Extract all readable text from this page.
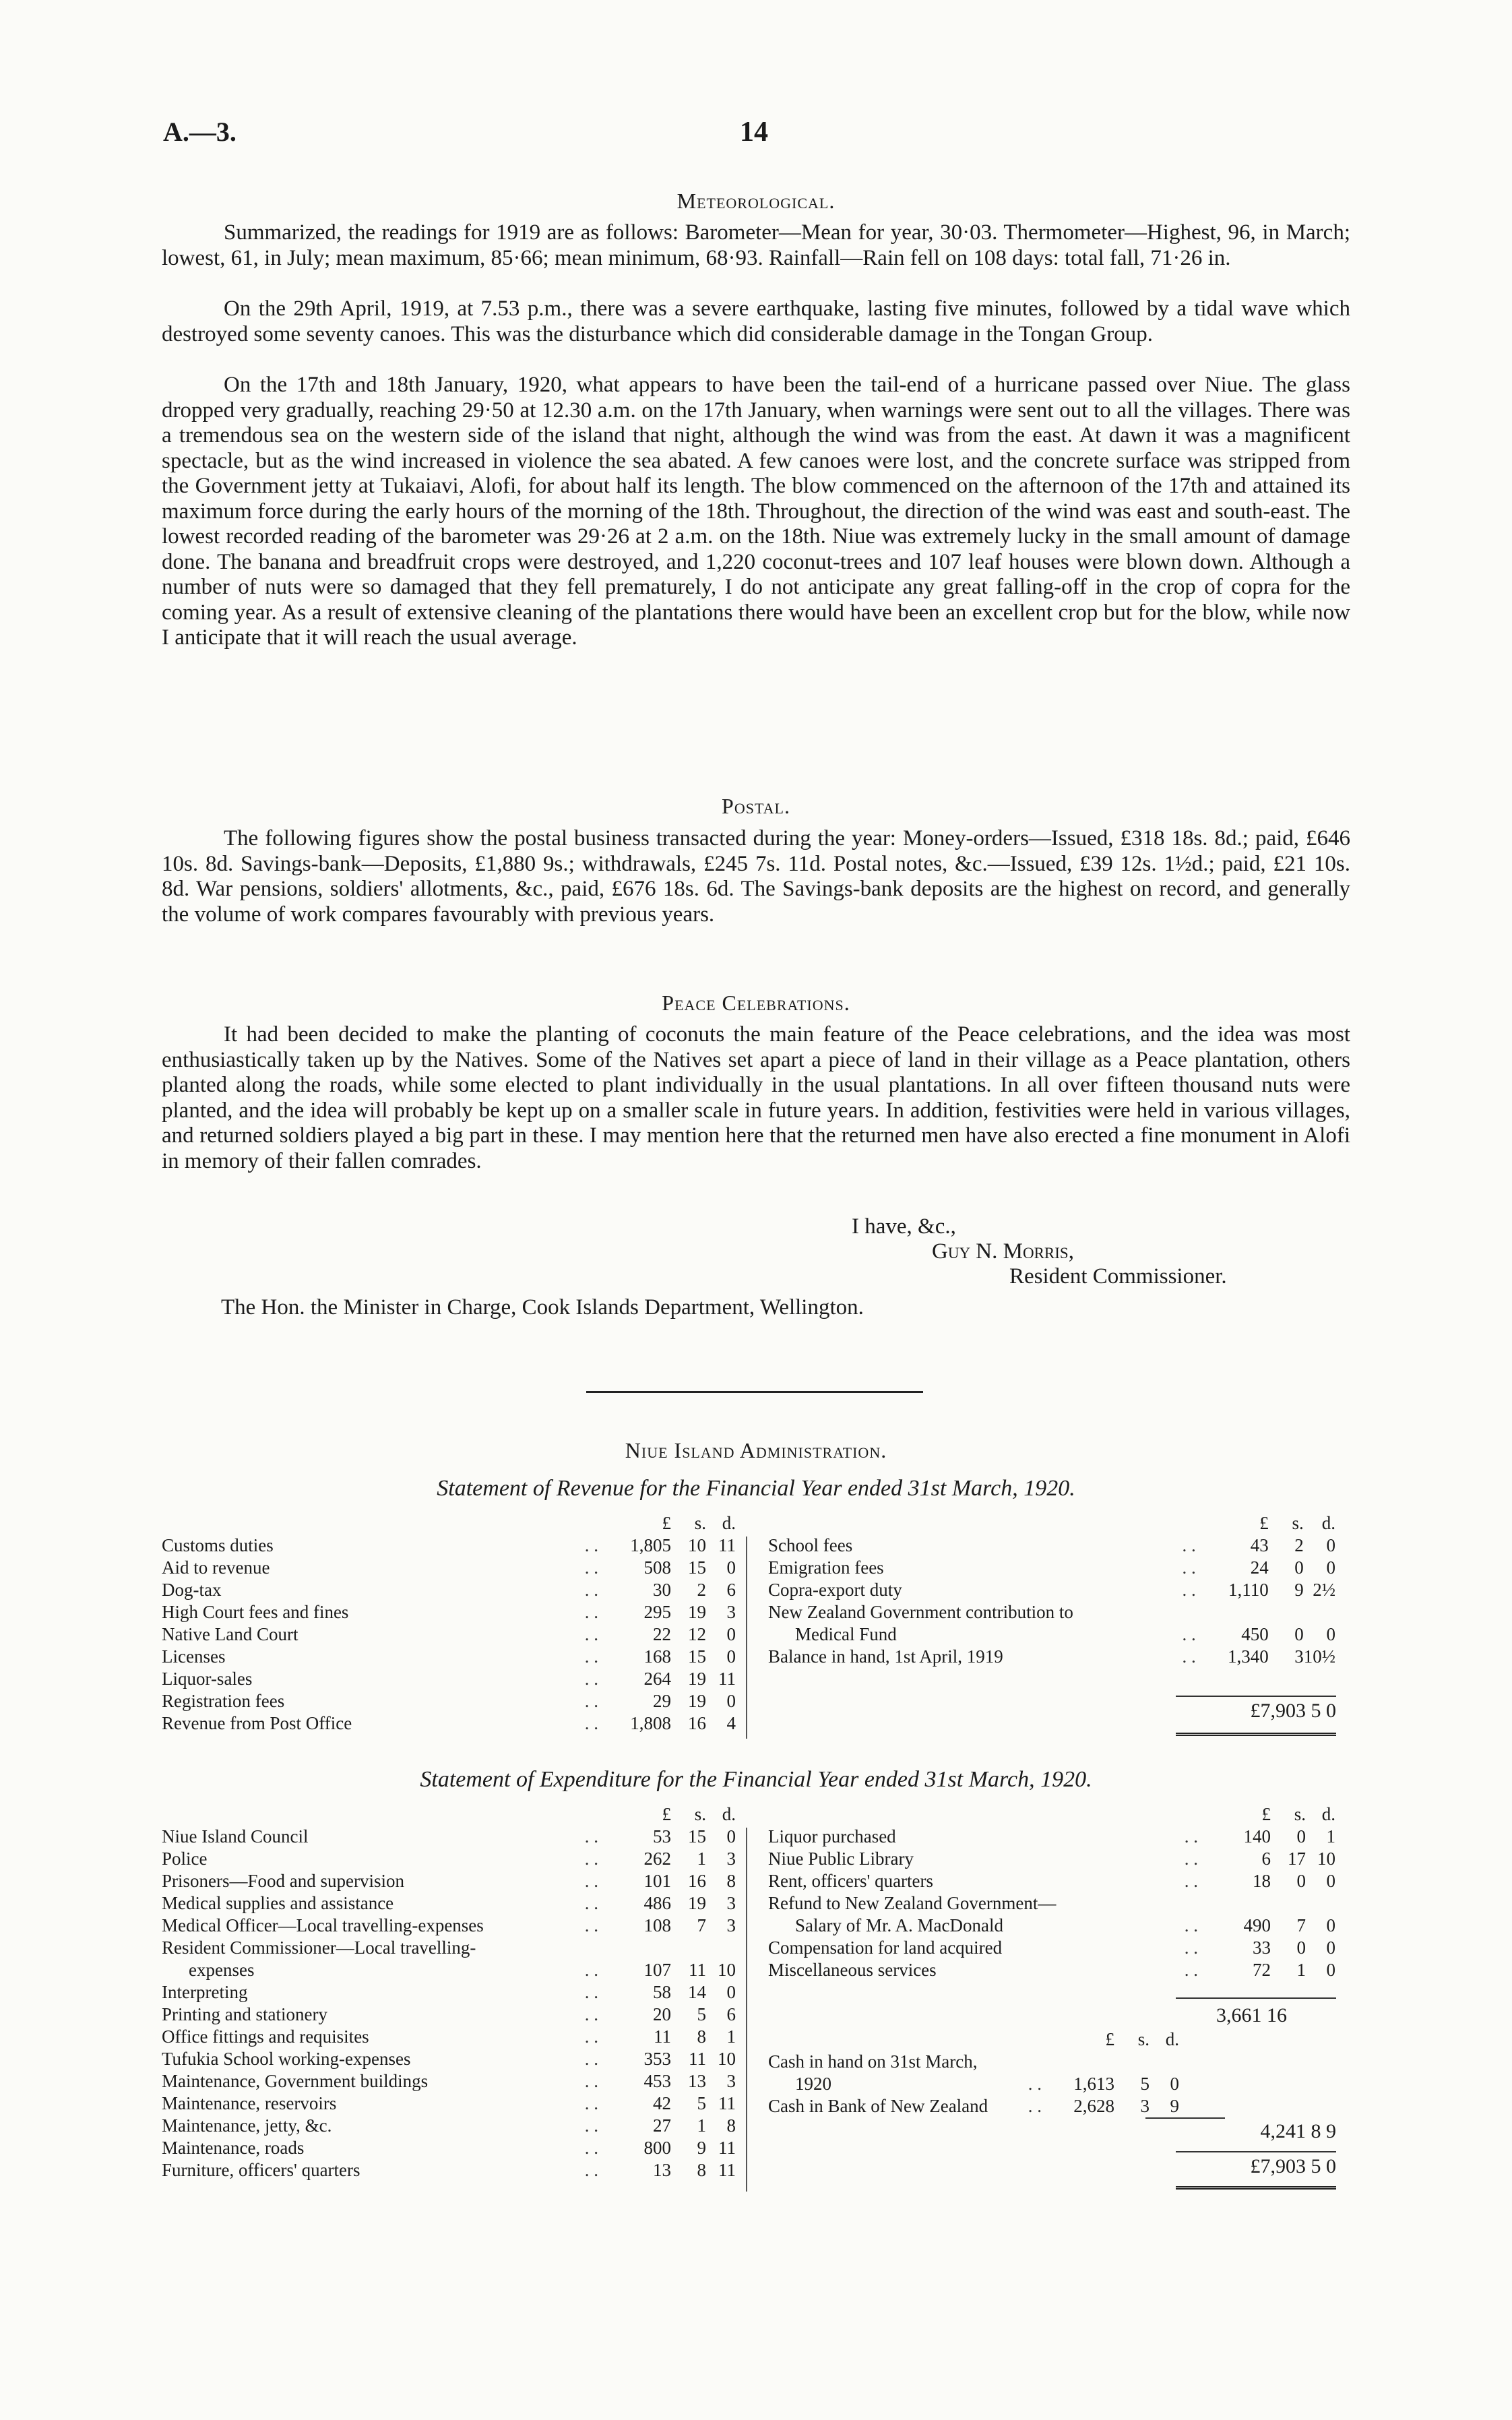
A.—3.	14
Meteorological.

Summarized, the readings for 1919 are as follows: Barometer—Mean for year, 30·03. Thermometer—Highest, 96, in March; lowest, 61, in July; mean maximum, 85·66; mean minimum, 68·93. Rainfall—Rain fell on 108 days: total fall, 71·26 in.

On the 29th April, 1919, at 7.53 p.m., there was a severe earthquake, lasting five minutes, followed by a tidal wave which destroyed some seventy canoes. This was the disturbance which did considerable damage in the Tongan Group.

On the 17th and 18th January, 1920, what appears to have been the tail-end of a hurricane passed over Niue. The glass dropped very gradually, reaching 29·50 at 12.30 a.m. on the 17th January, when warnings were sent out to all the villages. There was a tremendous sea on the western side of the island that night, although the wind was from the east. At dawn it was a magnificent spectacle, but as the wind increased in violence the sea abated. A few canoes were lost, and the concrete surface was stripped from the Government jetty at Tukaiavi, Alofi, for about half its length. The blow commenced on the afternoon of the 17th and attained its maximum force during the early hours of the morning of the 18th. Throughout, the direction of the wind was east and south-east. The lowest recorded reading of the barometer was 29·26 at 2 a.m. on the 18th. Niue was extremely lucky in the small amount of damage done. The banana and breadfruit crops were destroyed, and 1,220 coconut-trees and 107 leaf houses were blown down. Although a number of nuts were so damaged that they fell prematurely, I do not anticipate any great falling-off in the crop of copra for the coming year. As a result of extensive cleaning of the plantations there would have been an excellent crop but for the blow, while now I anticipate that it will reach the usual average.

Postal.

The following figures show the postal business transacted during the year: Money-orders—Issued, £318 18s. 8d.; paid, £646 10s. 8d. Savings-bank—Deposits, £1,880 9s.; withdrawals, £245 7s. 11d. Postal notes, &c.—Issued, £39 12s. 1½d.; paid, £21 10s. 8d. War pensions, soldiers' allotments, &c., paid, £676 18s. 6d. The Savings-bank deposits are the highest on record, and generally the volume of work compares favourably with previous years.

Peace Celebrations.

It had been decided to make the planting of coconuts the main feature of the Peace celebrations, and the idea was most enthusiastically taken up by the Natives. Some of the Natives set apart a piece of land in their village as a Peace plantation, others planted along the roads, while some elected to plant individually in the usual plantations. In all over fifteen thousand nuts were planted, and the idea will probably be kept up on a smaller scale in future years. In addition, festivities were held in various villages, and returned soldiers played a big part in these. I may mention here that the returned men have also erected a fine monument in Alofi in memory of their fallen comrades.

I have, &c.,
Guy N. Morris,
Resident Commissioner.
The Hon. the Minister in Charge, Cook Islands Department, Wellington.
Niue Island Administration.
Statement of Revenue for the Financial Year ended 31st March, 1920.
		£	s.	d.
Customs duties	. .	1,805	10	11
Aid to revenue	. .	508	15	0
Dog-tax	. .	30	2	6
High Court fees and fines	. .	295	19	3
Native Land Court	. .	22	12	0
Licenses	. .	168	15	0
Liquor-sales	. .	264	19	11
Registration fees	. .	29	19	0
Revenue from Post Office	. .	1,808	16	4
		£	s.	d.
School fees	. .	43	2	0
Emigration fees	. .	24	0	0
Copra-export duty	. .	1,110	9	2½
New Zealand Government contribution to				
Medical Fund	. .	450	0	0
Balance in hand, 1st April, 1919	. .	1,340	3	10½
£7,903 5 0
Statement of Expenditure for the Financial Year ended 31st March, 1920.
		£	s.	d.
Niue Island Council	. .	53	15	0
Police	. .	262	1	3
Prisoners—Food and supervision	. .	101	16	8
Medical supplies and assistance	. .	486	19	3
Medical Officer—Local travelling-expenses	. .	108	7	3
Resident Commissioner—Local travelling-				
expenses	. .	107	11	10
Interpreting	. .	58	14	0
Printing and stationery	. .	20	5	6
Office fittings and requisites	. .	11	8	1
Tufukia School working-expenses	. .	353	11	10
Maintenance, Government buildings	. .	453	13	3
Maintenance, reservoirs	. .	42	5	11
Maintenance, jetty, &c.	. .	27	1	8
Maintenance, roads	. .	800	9	11
Furniture, officers' quarters	. .	13	8	11
		£	s.	d.
Liquor purchased	. .	140	0	1
Niue Public Library	. .	6	17	10
Rent, officers' quarters	. .	18	0	0
Refund to New Zealand Government—				
Salary of Mr. A. MacDonald	. .	490	7	0
Compensation for land acquired	. .	33	0	0
Miscellaneous services	. .	72	1	0
3,661 16
		£	s.	d.
Cash in hand on 31st March,				
1920	. .	1,613	5	0
Cash in Bank of New Zealand	. .	2,628	3	9
4,241 8 9
£7,903 5 0
